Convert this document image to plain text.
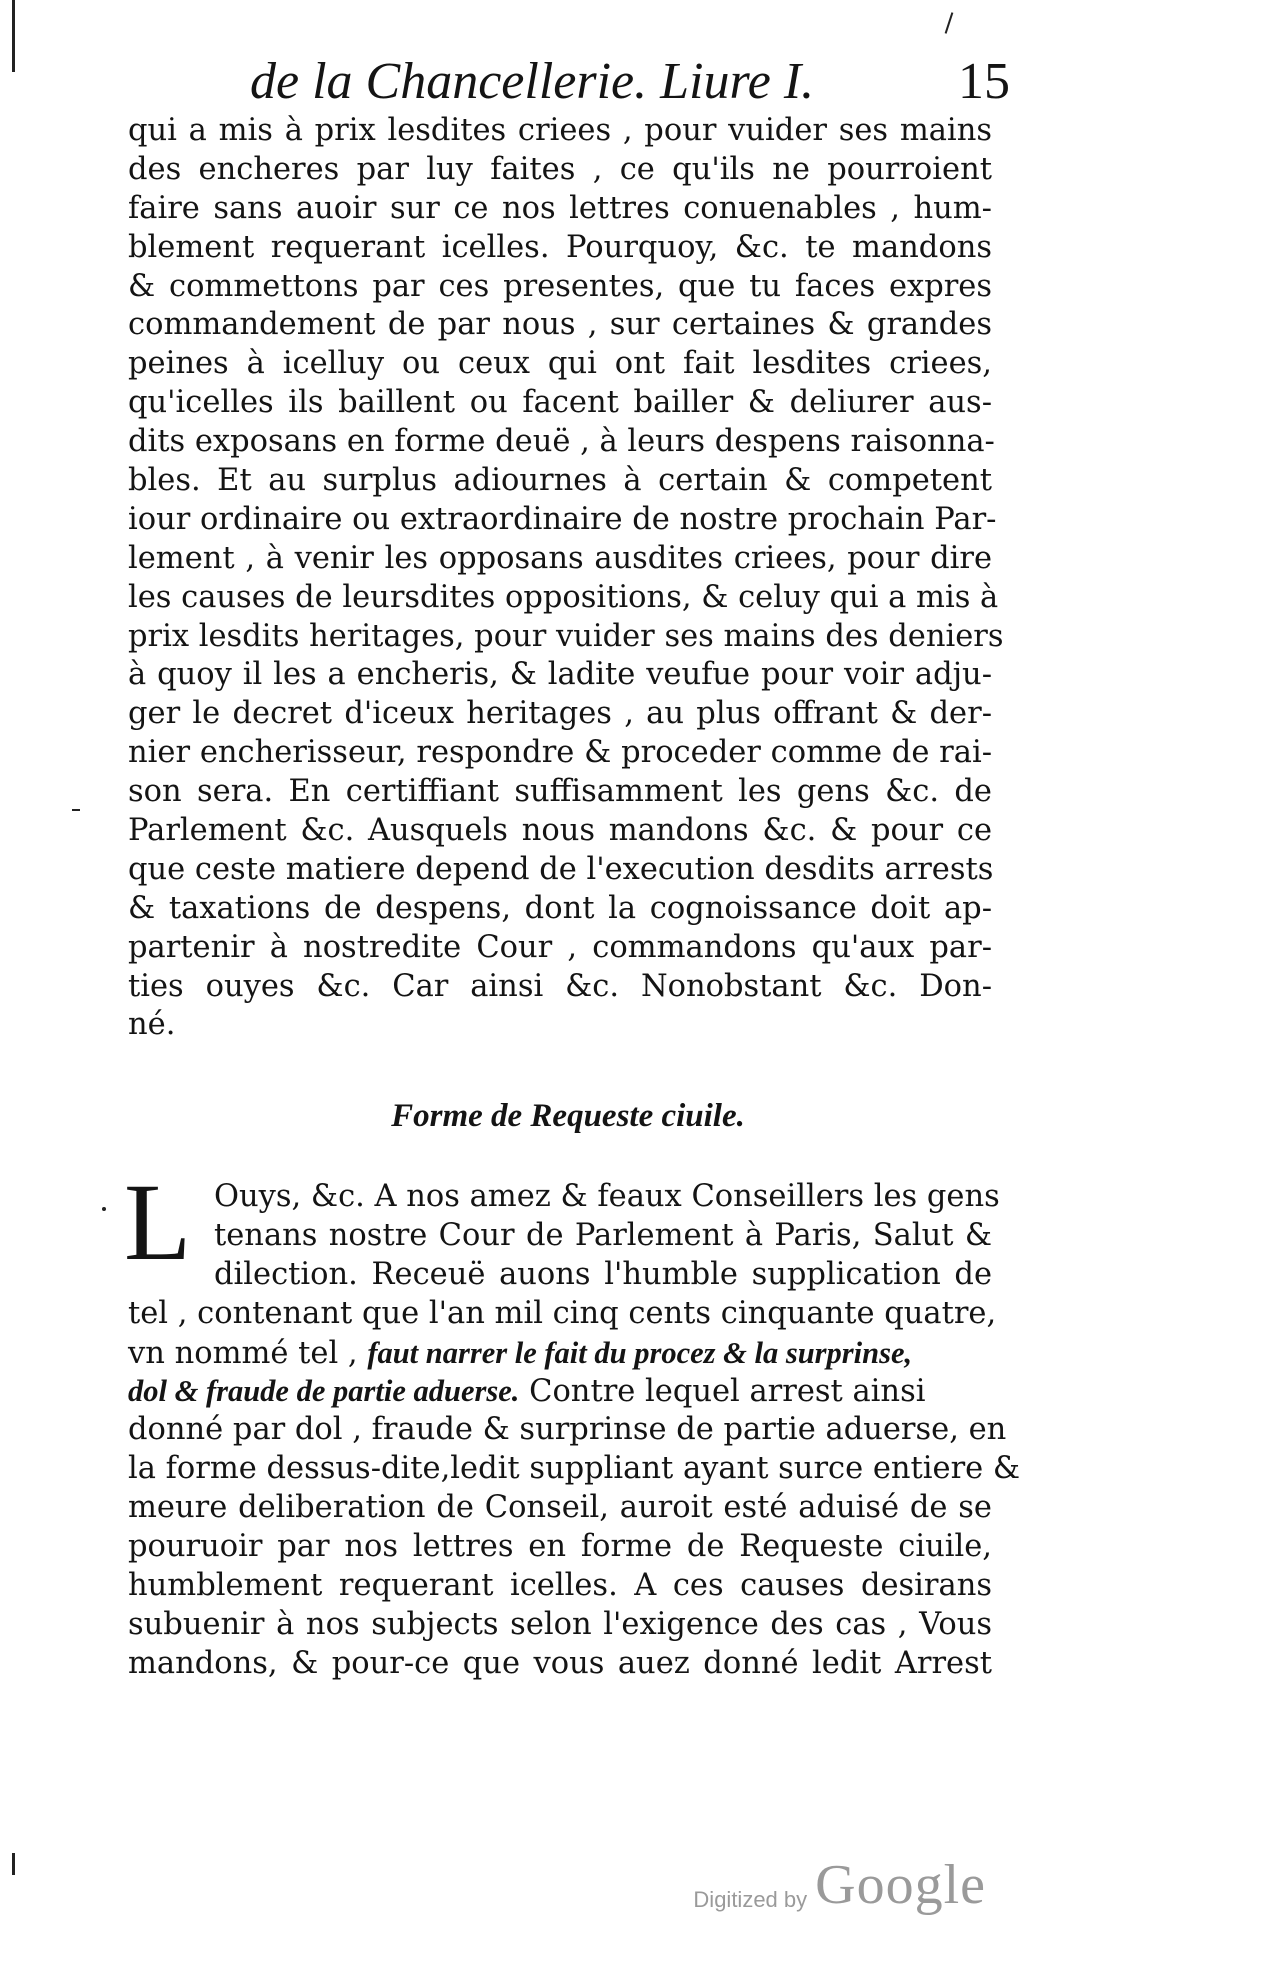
de la Chancellerie. Liure I.	15
qui a mis à prix lesdites criees , pour vuider ses mains
des encheres par luy faites , ce qu'ils ne pourroient
faire sans auoir sur ce nos lettres conuenables , hum-
blement requerant icelles. Pourquoy, &c. te mandons
& commettons par ces presentes, que tu faces expres
commandement de par nous , sur certaines & grandes
peines à icelluy ou ceux qui ont fait lesdites criees,
qu'icelles ils baillent ou facent bailler & deliurer aus-
dits exposans en forme deuë , à leurs despens raisonna-
bles. Et au surplus adiournes à certain & competent
iour ordinaire ou extraordinaire de nostre prochain Par-
lement , à venir les opposans ausdites criees, pour dire
les causes de leursdites oppositions, & celuy qui a mis à
prix lesdits heritages, pour vuider ses mains des deniers
à quoy il les a encheris, & ladite veufue pour voir adju-
ger le decret d'iceux heritages , au plus offrant & der-
nier encherisseur, respondre & proceder comme de rai-
son sera. En certiffiant suffisamment les gens &c. de
Parlement &c. Ausquels nous mandons &c. & pour ce
que ceste matiere depend de l'execution desdits arrests
& taxations de despens, dont la cognoissance doit ap-
partenir à nostredite Cour , commandons qu'aux par-
ties ouyes &c. Car ainsi &c. Nonobstant &c. Don-
né.
Forme de Requeste ciuile.
L Ouys, &c. A nos amez & feaux Conseillers les gens
tenans nostre Cour de Parlement à Paris, Salut &
dilection. Receuë auons l'humble supplication de
tel , contenant que l'an mil cinq cents cinquante quatre,
vn nommé tel , faut narrer le fait du procez & la surprinse,
dol & fraude de partie aduerse. Contre lequel arrest ainsi
donné par dol , fraude & surprinse de partie aduerse, en
la forme dessus-dite,ledit suppliant ayant surce entiere &
meure deliberation de Conseil, auroit esté aduisé de se
pouruoir par nos lettres en forme de Requeste ciuile,
humblement requerant icelles. A ces causes desirans
subuenir à nos subjects selon l'exigence des cas , Vous
mandons, & pour-ce que vous auez donné ledit Arrest
Digitized by Google
